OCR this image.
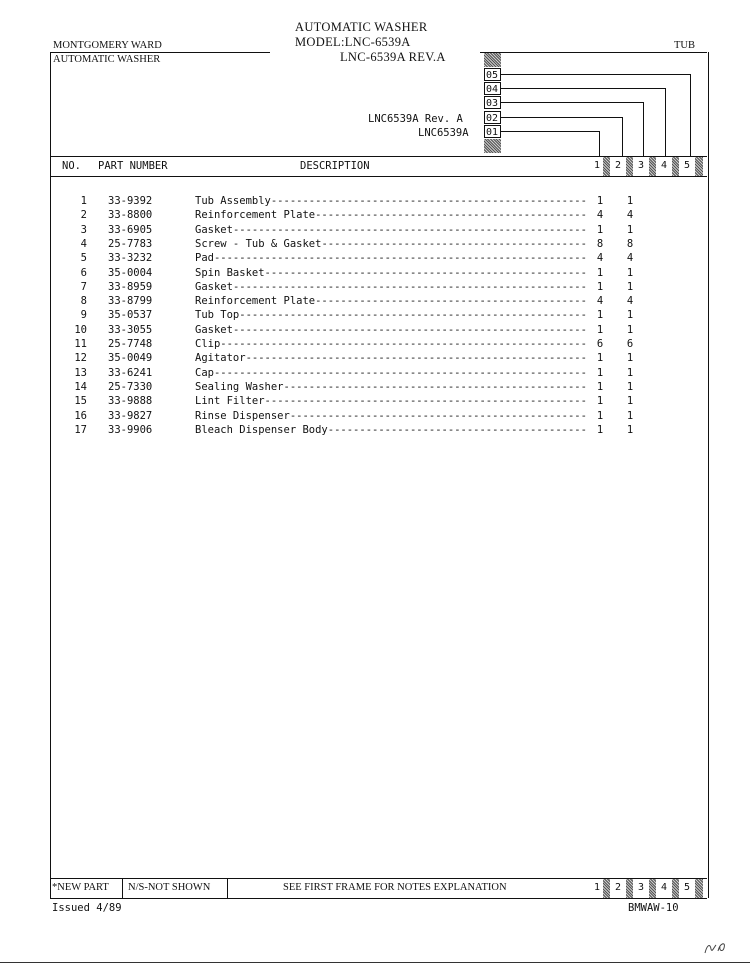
AUTOMATIC WASHER
MODEL:LNC-6539A
LNC-6539A REV.A
MONTGOMERY WARD	TUB
AUTOMATIC WASHER
05
04
03
02
01
LNC6539A Rev. A
LNC6539A
NO. PART NUMBER	DESCRIPTION	1 2 3 4 5
1 33-9392	Tub Assembly-------------------------------------------------- 1 1
2 33-8800	Reinforcement Plate------------------------------------------- 4 4
3 33-6905	Gasket-------------------------------------------------------- 1 1
4 25-7783	Screw - Tub & Gasket------------------------------------------ 8 8
5 33-3232	Pad----------------------------------------------------------- 4 4
6 35-0004	Spin Basket--------------------------------------------------- 1 1
7 33-8959	Gasket-------------------------------------------------------- 1 1
8 33-8799	Reinforcement Plate------------------------------------------- 4 4
9 35-0537	Tub Top------------------------------------------------------- 1 1
10 33-3055	Gasket-------------------------------------------------------- 1 1
11 25-7748	Clip---------------------------------------------------------- 6 6
12 35-0049	Agitator------------------------------------------------------ 1 1
13 33-6241	Cap----------------------------------------------------------- 1 1
14 25-7330	Sealing Washer------------------------------------------------ 1 1
15 33-9888	Lint Filter--------------------------------------------------- 1 1
16 33-9827	Rinse Dispenser----------------------------------------------- 1 1
17 33-9906	Bleach Dispenser Body----------------------------------------- 1 1
*NEW PART N/S-NOT SHOWN	SEE FIRST FRAME FOR NOTES EXPLANATION	1 2 3 4 5
Issued 4/89	BMWAW-10
